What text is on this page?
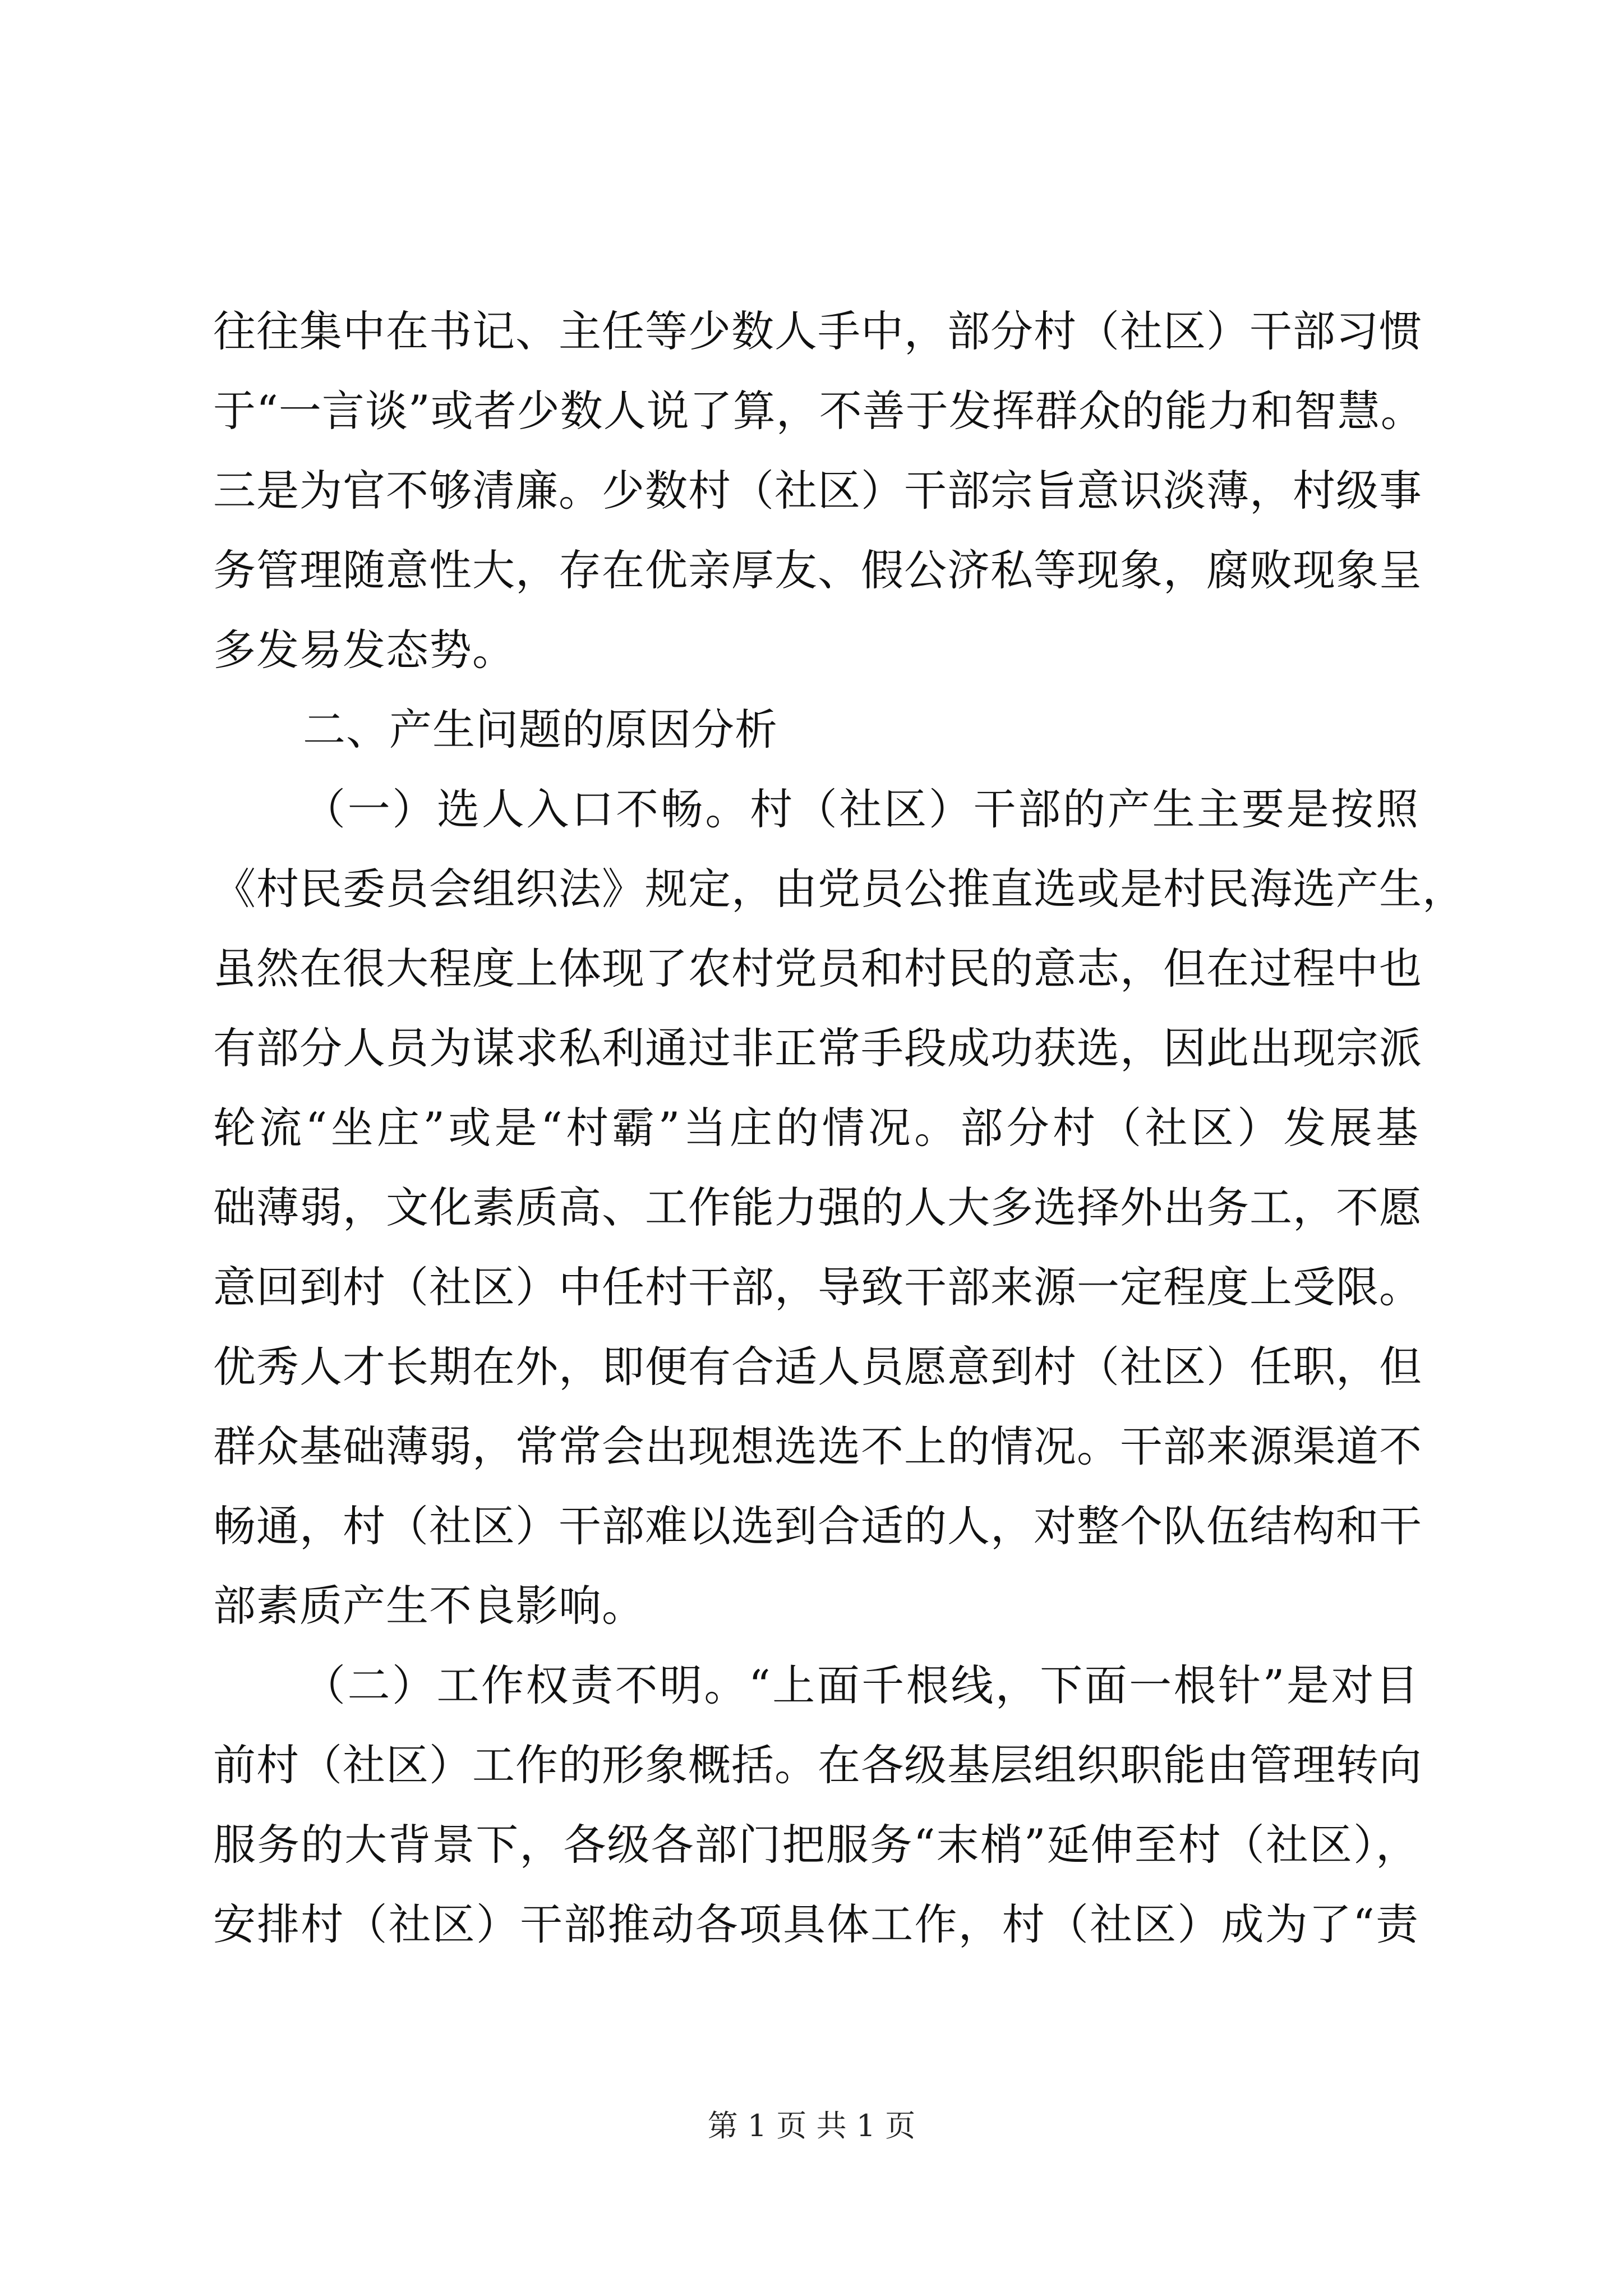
往往集中在书记、主任等少数人手中，部分村（社区）干部习惯
于“一言谈”或者少数人说了算，不善于发挥群众的能力和智慧。
三是为官不够清廉。少数村（社区）干部宗旨意识淡薄，村级事
务管理随意性大，存在优亲厚友、假公济私等现象，腐败现象呈
多发易发态势。
二、产生问题的原因分析
（一）选人入口不畅。村（社区）干部的产生主要是按照
《村民委员会组织法》规定，由党员公推直选或是村民海选产生，
虽然在很大程度上体现了农村党员和村民的意志，但在过程中也
有部分人员为谋求私利通过非正常手段成功获选，因此出现宗派
轮流“坐庄”或是“村霸”当庄的情况。部分村（社区）发展基
础薄弱，文化素质高、工作能力强的人大多选择外出务工，不愿
意回到村（社区）中任村干部，导致干部来源一定程度上受限。
优秀人才长期在外，即便有合适人员愿意到村（社区）任职，但
群众基础薄弱，常常会出现想选选不上的情况。干部来源渠道不
畅通，村（社区）干部难以选到合适的人，对整个队伍结构和干
部素质产生不良影响。
（二）工作权责不明。“上面千根线，下面一根针”是对目
前村（社区）工作的形象概括。在各级基层组织职能由管理转向
服务的大背景下，各级各部门把服务“末梢”延伸至村（社区），
安排村（社区）干部推动各项具体工作，村（社区）成为了“责
第 1 页 共 1 页
